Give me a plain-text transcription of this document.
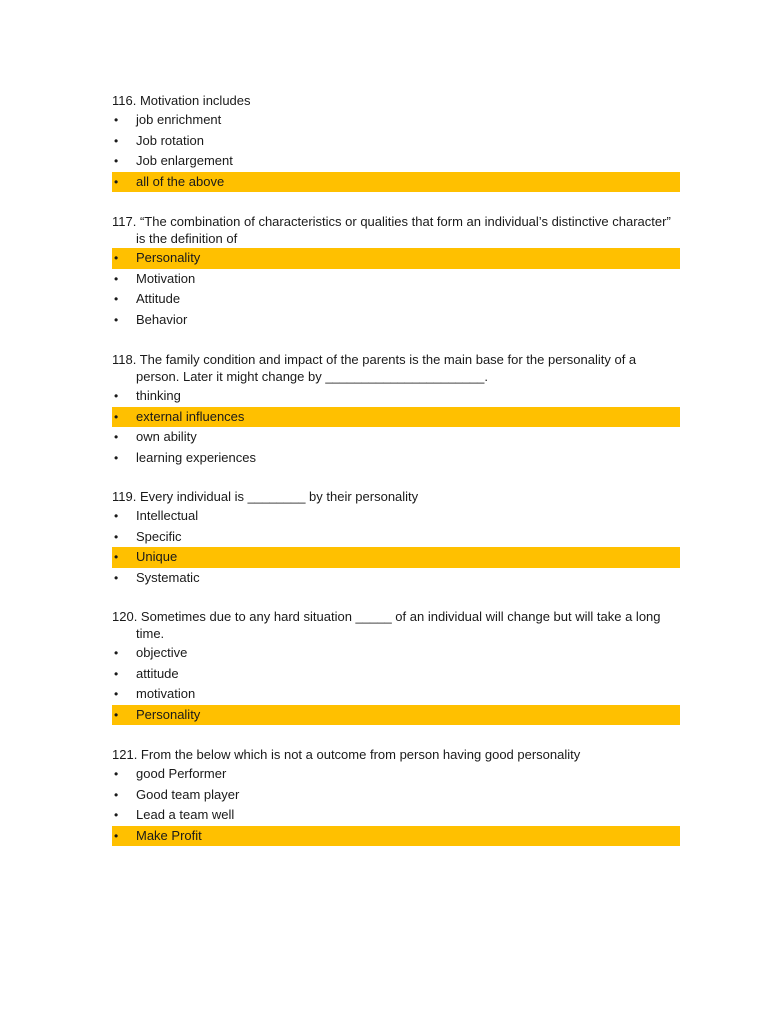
116. Motivation includes

• job enrichment
• Job rotation
• Job enlargement
• all of the above

117. “The combination of characteristics or qualities that form an individual’s distinctive character” is the definition of

• Personality
• Motivation
• Attitude
• Behavior

118. The family condition and impact of the parents is the main base for the personality of a person. Later it might change by ______________________.

• thinking
• external influences
• own ability
• learning experiences

119. Every individual is ________ by their personality

• Intellectual
• Specific
• Unique
• Systematic

120. Sometimes due to any hard situation _____ of an individual will change but will take a long time.

• objective
• attitude
• motivation
• Personality

121. From the below which is not a outcome from person having good personality

• good Performer
• Good team player
• Lead a team well
• Make Profit
